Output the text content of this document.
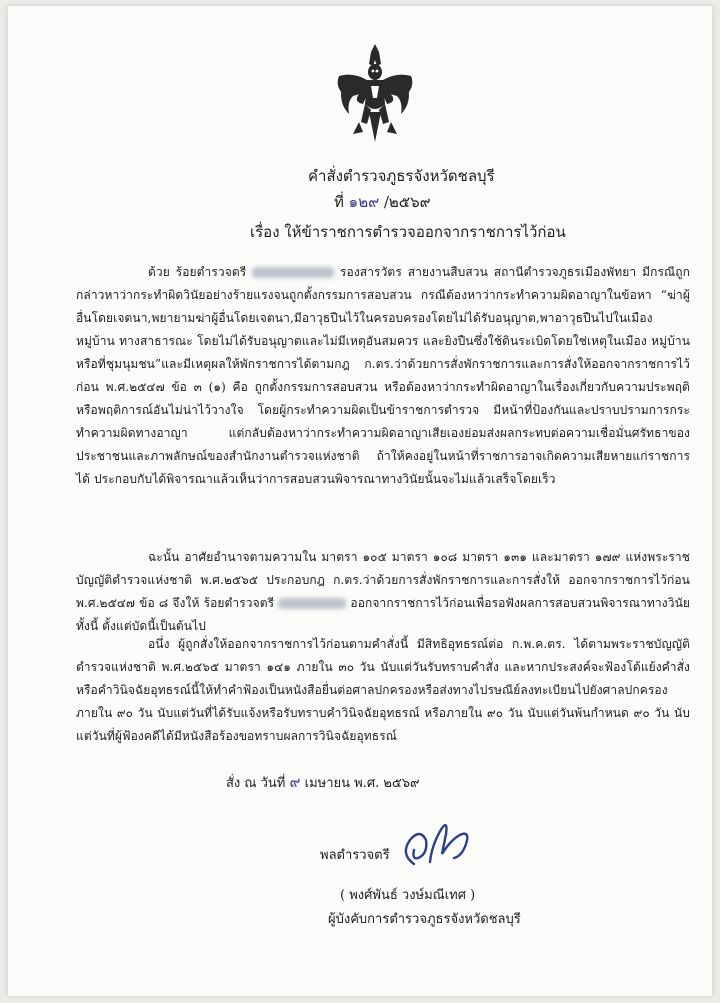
คำสั่งตำรวจภูธรจังหวัดชลบุรี
ที่ ๑๒๙ /๒๕๖๙
เรื่อง ให้ข้าราชการตำรวจออกจากราชการไว้ก่อน
ด้วย ร้อยตำรวจตรี	รองสารวัตร สายงานสืบสวน สถานีตำรวจภูธรเมืองพัทยา มีกรณีถูกกล่าวหาว่ากระทำผิดวินัยอย่างร้ายแรงจนถูกตั้งกรรมการสอบสวน กรณีต้องหาว่ากระทำความผิดอาญาในข้อหา “ฆ่าผู้อื่นโดยเจตนา,พยายามฆ่าผู้อื่นโดยเจตนา,มีอาวุธปืนไว้ในครอบครองโดยไม่ได้รับอนุญาต,พาอาวุธปืนไปในเมือง หมู่บ้าน ทางสาธารณะ โดยไม่ได้รับอนุญาตและไม่มีเหตุอันสมควร และยิงปืนซึ่งใช้ดินระเบิดโดยใช่เหตุในเมือง หมู่บ้าน หรือที่ชุมนุมชน”และมีเหตุผลให้พักราชการได้ตามกฎ ก.ตร.ว่าด้วยการสั่งพักราชการและการสั่งให้ออกจากราชการไว้ก่อน พ.ศ.๒๕๔๗ ข้อ ๓ (๑) คือ ถูกตั้งกรรมการสอบสวน หรือต้องหาว่ากระทำผิดอาญาในเรื่องเกี่ยวกับความประพฤติหรือพฤติการณ์อันไม่น่าไว้วางใจ โดยผู้กระทำความผิดเป็นข้าราชการตำรวจ มีหน้าที่ป้องกันและปราบปรามการกระทำความผิดทางอาญา แต่กลับต้องหาว่ากระทำความผิดอาญาเสียเองย่อมส่งผลกระทบต่อความเชื่อมั่นศรัทธาของประชาชนและภาพลักษณ์ของสำนักงานตำรวจแห่งชาติ ถ้าให้คงอยู่ในหน้าที่ราชการอาจเกิดความเสียหายแก่ราชการได้ ประกอบกับได้พิจารณาแล้วเห็นว่าการสอบสวนพิจารณาทางวินัยนั้นจะไม่แล้วเสร็จโดยเร็ว
ฉะนั้น อาศัยอำนาจตามความใน มาตรา ๑๐๕ มาตรา ๑๐๘ มาตรา ๑๓๑ และมาตรา ๑๗๙ แห่งพระราชบัญญัติตำรวจแห่งชาติ พ.ศ.๒๕๖๕ ประกอบกฎ ก.ตร.ว่าด้วยการสั่งพักราชการและการสั่งให้ ออกจากราชการไว้ก่อน พ.ศ.๒๕๔๗ ข้อ ๘ จึงให้ ร้อยตำรวจตรี	ออกจากราชการไว้ก่อนเพื่อรอฟังผลการสอบสวนพิจารณาทางวินัย ทั้งนี้ ตั้งแต่บัดนี้เป็นต้นไป
อนึ่ง ผู้ถูกสั่งให้ออกจากราชการไว้ก่อนตามคำสั่งนี้ มีสิทธิอุทธรณ์ต่อ ก.พ.ค.ตร. ได้ตามพระราชบัญญัติตำรวจแห่งชาติ พ.ศ.๒๕๖๕ มาตรา ๑๔๑ ภายใน ๓๐ วัน นับแต่วันรับทราบคำสั่ง และหากประสงค์จะฟ้องโต้แย้งคำสั่งหรือคำวินิจฉัยอุทธรณ์นี้ให้ทำคำฟ้องเป็นหนังสือยื่นต่อศาลปกครองหรือส่งทางไปรษณีย์ลงทะเบียนไปยังศาลปกครองภายใน ๙๐ วัน นับแต่วันที่ได้รับแจ้งหรือรับทราบคำวินิจฉัยอุทธรณ์ หรือภายใน ๙๐ วัน นับแต่วันพ้นกำหนด ๙๐ วัน นับแต่วันที่ผู้ฟ้องคดีได้มีหนังสือร้องขอทราบผลการวินิจฉัยอุทธรณ์
สั่ง ณ วันที่ ๙ เมษายน พ.ศ. ๒๕๖๙
พลตำรวจตรี
( พงศ์พันธ์ วงษ์มณีเทศ )
ผู้บังคับการตำรวจภูธรจังหวัดชลบุรี
